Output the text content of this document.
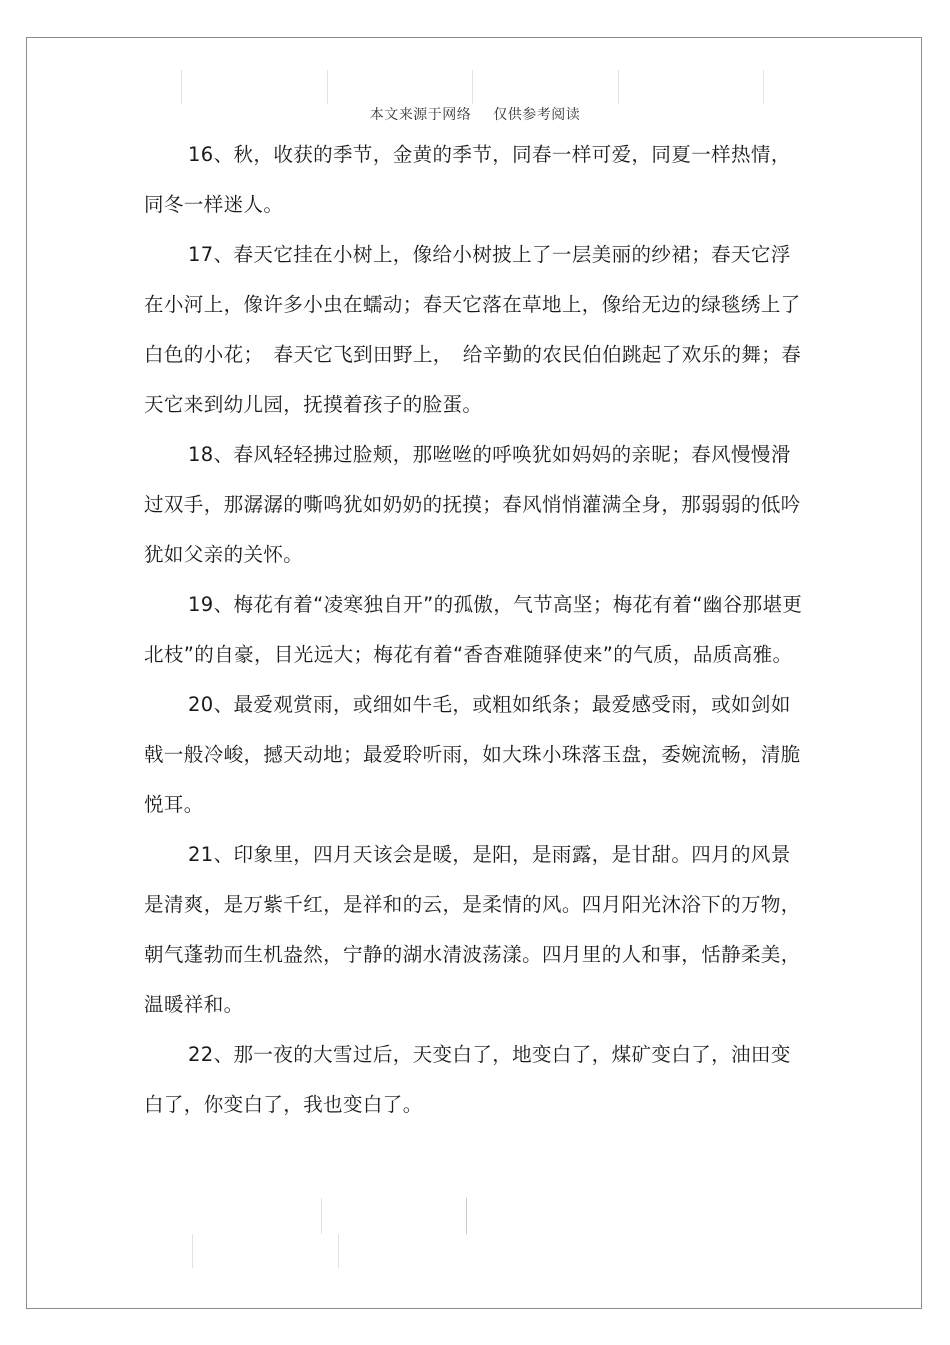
本文来源于网络 仅供参考阅读

16、秋，收获的季节，金黄的季节，同春一样可爱，同夏一样热情，同冬一样迷人。

17、春天它挂在小树上，像给小树披上了一层美丽的纱裙；春天它浮在小河上，像许多小虫在蠕动；春天它落在草地上，像给无边的绿毯绣上了白色的小花；　春天它飞到田野上，　给辛勤的农民伯伯跳起了欢乐的舞；春天它来到幼儿园，抚摸着孩子的脸蛋。

18、春风轻轻拂过脸颊，那咝咝的呼唤犹如妈妈的亲昵；春风慢慢滑过双手，那潺潺的嘶鸣犹如奶奶的抚摸；春风悄悄灌满全身，那弱弱的低吟犹如父亲的关怀。

19、梅花有着“凌寒独自开”的孤傲，气节高坚；梅花有着“幽谷那堪更北枝”的自豪，目光远大；梅花有着“香杳难随驿使来”的气质，品质高雅。

20、最爱观赏雨，或细如牛毛，或粗如纸条；最爱感受雨，或如剑如戟一般冷峻，撼天动地；最爱聆听雨，如大珠小珠落玉盘，委婉流畅，清脆悦耳。

21、印象里，四月天该会是暖，是阳，是雨露，是甘甜。四月的风景是清爽，是万紫千红，是祥和的云，是柔情的风。四月阳光沐浴下的万物，朝气蓬勃而生机盎然，宁静的湖水清波荡漾。四月里的人和事，恬静柔美，温暖祥和。

22、那一夜的大雪过后，天变白了，地变白了，煤矿变白了，油田变白了，你变白了，我也变白了。
